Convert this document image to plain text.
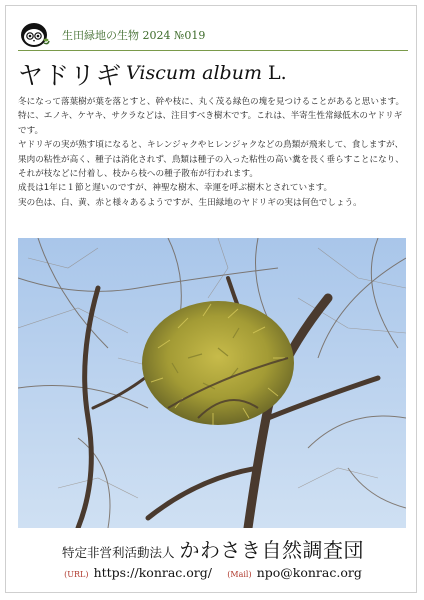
生田緑地の生物 2024 №019
ヤドリギ Viscum album L.

冬になって落葉樹が葉を落とすと、幹や枝に、丸く茂る緑色の塊を見つけることがあると思います。特に、エノキ、ケヤキ、サクラなどは、注目すべき樹木です。これは、半寄生性常緑低木のヤドリギです。

ヤドリギの実が熟す頃になると、キレンジャクやヒレンジャクなどの鳥類が飛来して、食しますが、果肉の粘性が高く、種子は消化されず、鳥類は種子の入った粘性の高い糞を長く垂らすことになり、それが枝などに付着し、枝から枝への種子散布が行われます。

成長は1年に１節と遅いのですが、神聖な樹木、幸運を呼ぶ樹木とされています。

実の色は、白、黄、赤と様々あるようですが、生田緑地のヤドリギの実は何色でしょう。

特定非営利活動法人 かわさき自然調査団
(URL) https://konrac.org/ (Mail) npo@konrac.org
